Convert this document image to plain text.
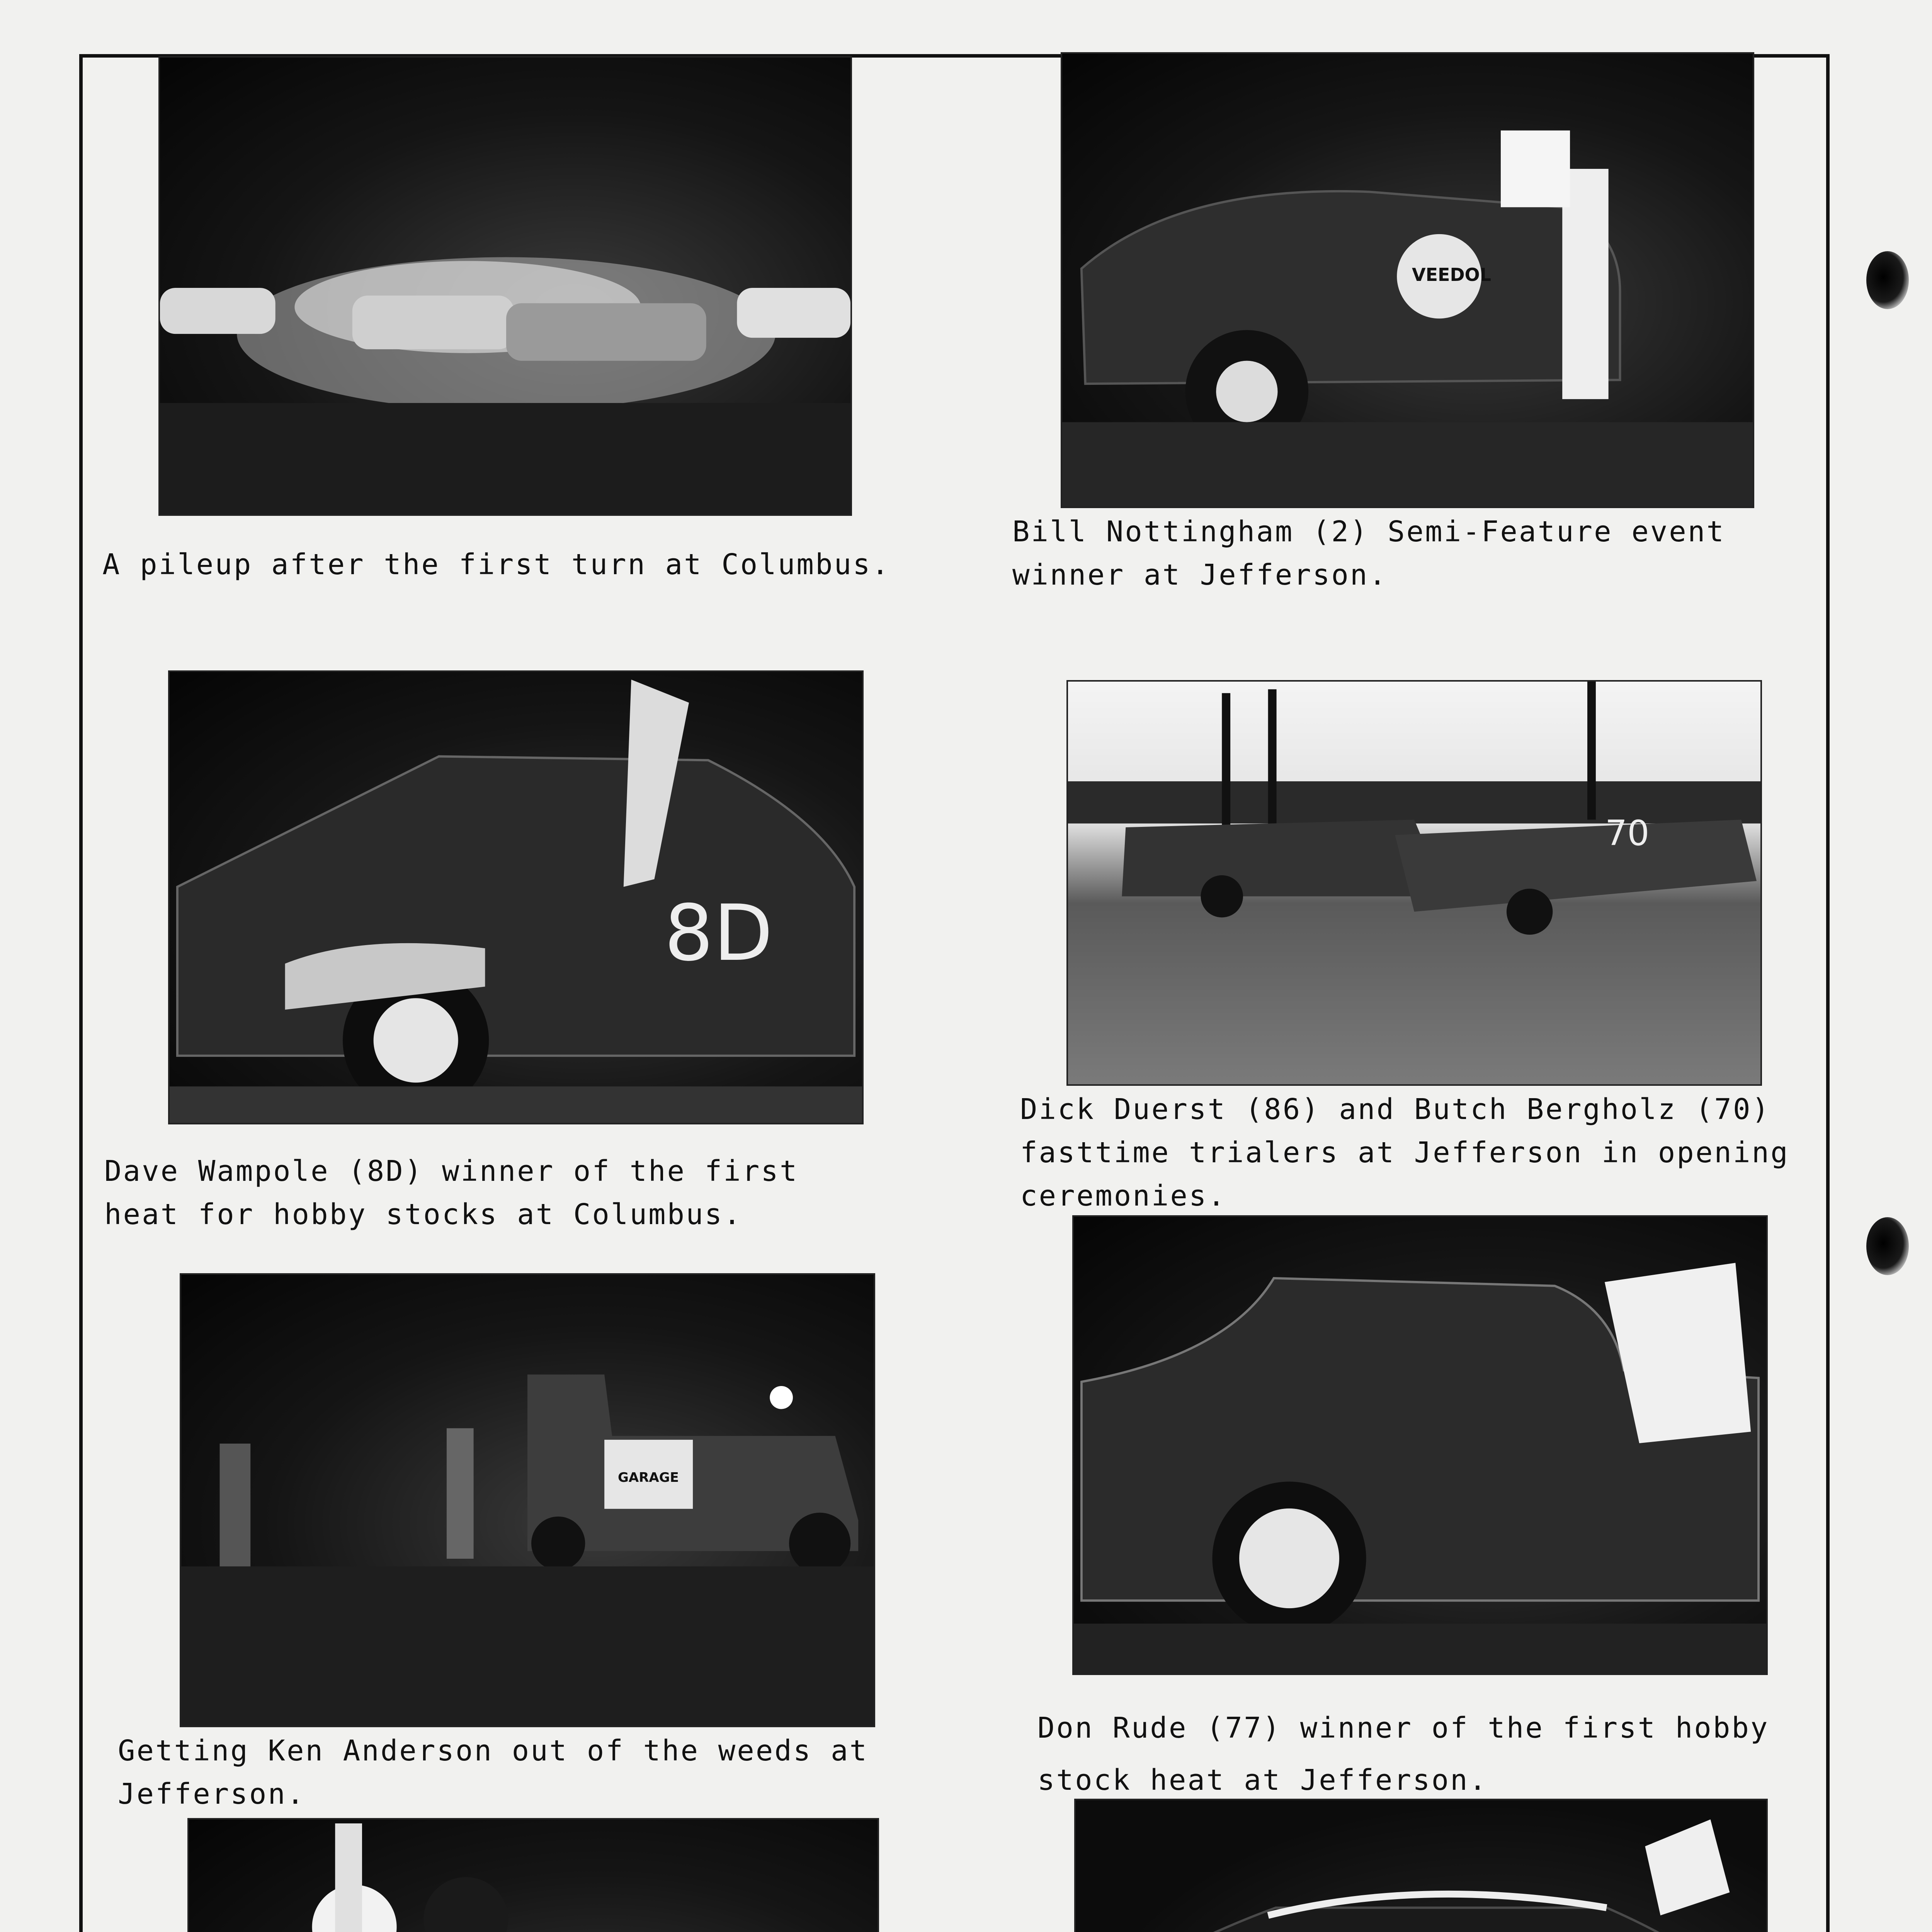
A pileup after the first turn at Columbus.
VEEDOL
Bill Nottingham (2) Semi-Feature event
winner at Jefferson.
8D
Dave Wampole (8D) winner of the first
heat for hobby stocks at Columbus.
70
Dick Duerst (86) and Butch Bergholz (70)
fasttime trialers at Jefferson in opening
ceremonies.
GARAGE
Getting Ken Anderson out of the weeds at
Jefferson.
Don Rude (77) winner of the first hobby
stock heat at Jefferson.
